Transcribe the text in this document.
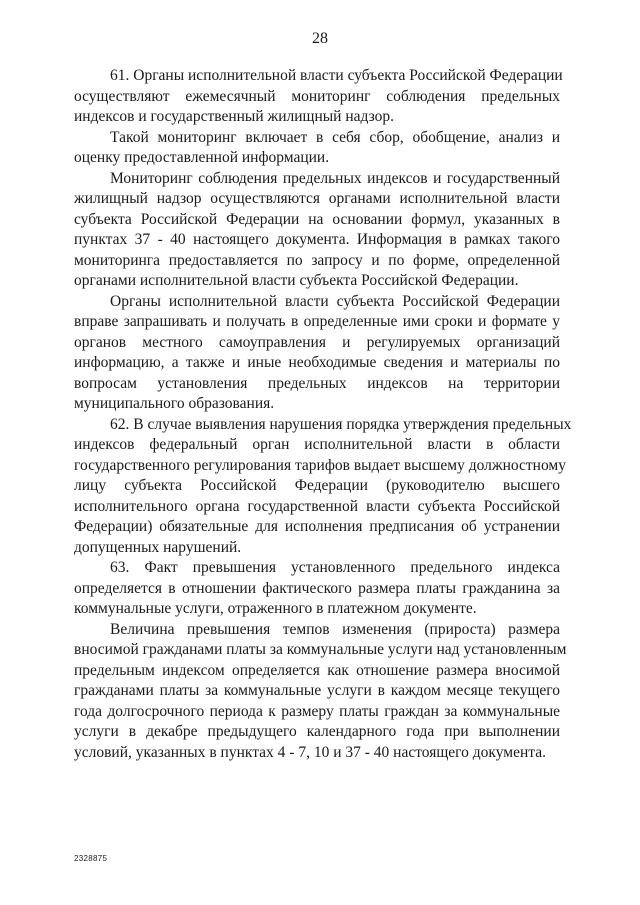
28

61. Органы исполнительной власти субъекта Российской Федерации
осуществляют ежемесячный мониторинг соблюдения предельных
индексов и государственный жилищный надзор.

Такой мониторинг включает в себя сбор, обобщение, анализ и
оценку предоставленной информации.

Мониторинг соблюдения предельных индексов и государственный
жилищный надзор осуществляются органами исполнительной власти
субъекта Российской Федерации на основании формул, указанных в
пунктах 37 - 40 настоящего документа. Информация в рамках такого
мониторинга предоставляется по запросу и по форме, определенной
органами исполнительной власти субъекта Российской Федерации.

Органы исполнительной власти субъекта Российской Федерации
вправе запрашивать и получать в определенные ими сроки и формате у
органов местного самоуправления и регулируемых организаций
информацию, а также и иные необходимые сведения и материалы по
вопросам установления предельных индексов на территории
муниципального образования.

62. В случае выявления нарушения порядка утверждения предельных
индексов федеральный орган исполнительной власти в области
государственного регулирования тарифов выдает высшему должностному
лицу субъекта Российской Федерации (руководителю высшего
исполнительного органа государственной власти субъекта Российской
Федерации) обязательные для исполнения предписания об устранении
допущенных нарушений.

63. Факт превышения установленного предельного индекса
определяется в отношении фактического размера платы гражданина за
коммунальные услуги, отраженного в платежном документе.

Величина превышения темпов изменения (прироста) размера
вносимой гражданами платы за коммунальные услуги над установленным
предельным индексом определяется как отношение размера вносимой
гражданами платы за коммунальные услуги в каждом месяце текущего
года долгосрочного периода к размеру платы граждан за коммунальные
услуги в декабре предыдущего календарного года при выполнении
условий, указанных в пунктах 4 - 7, 10 и 37 - 40 настоящего документа.

2328875
